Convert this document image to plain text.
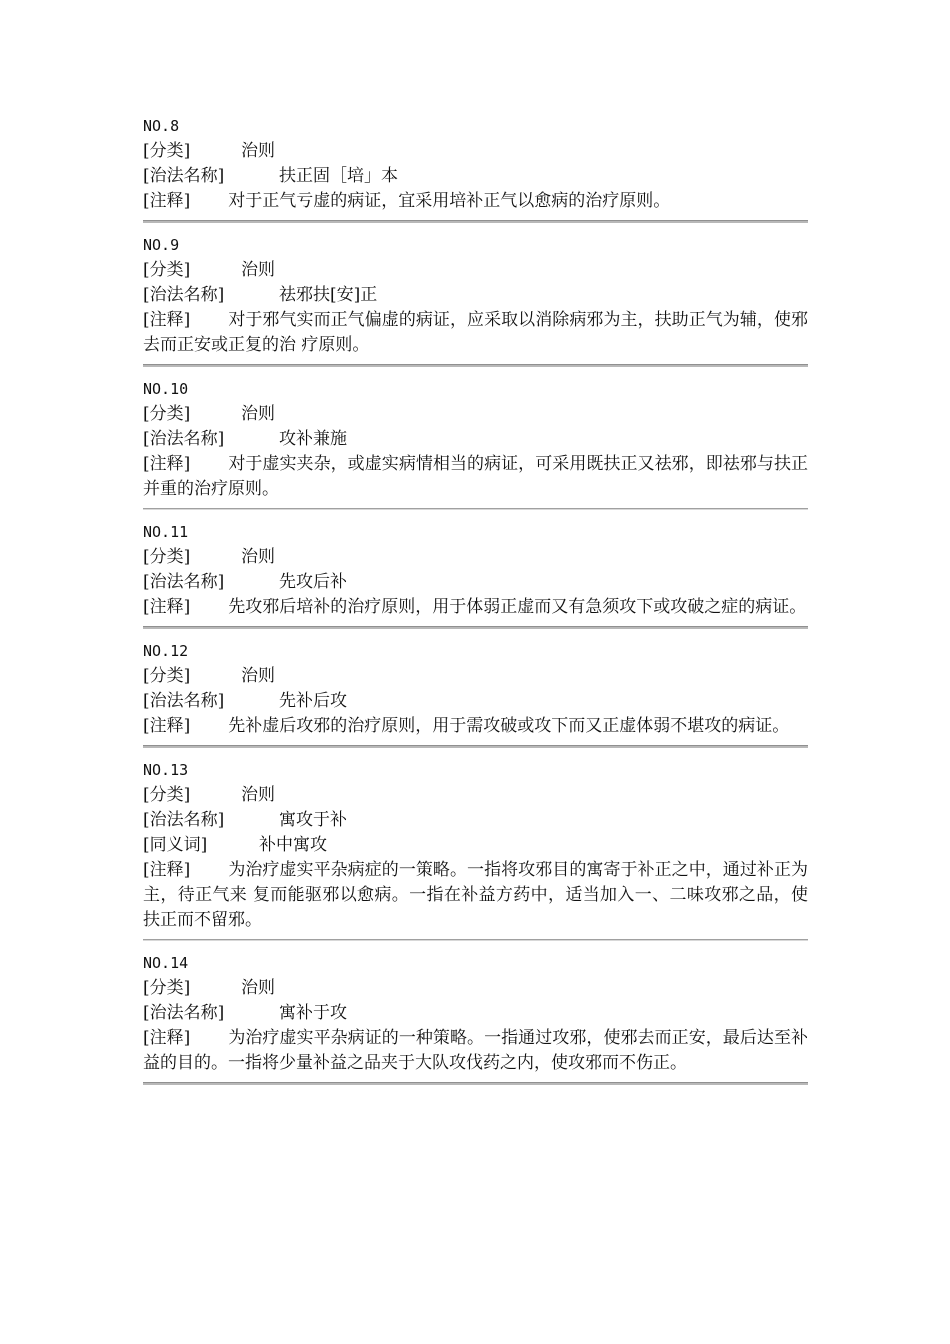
NO.8
[分类]	治则
[治法名称]	扶正固［培」本
[注释] 对于正气亏虚的病证，宜采用培补正气以愈病的治疗原则。
NO.9
[分类]	治则
[治法名称]	祛邪扶[安]正
[注释] 对于邪气实而正气偏虚的病证，应采取以消除病邪为主，扶助正气为辅，使邪去而正安或正复的治 疗原则。
NO.10
[分类]	治则
[治法名称]	攻补兼施
[注释] 对于虚实夹杂，或虚实病情相当的病证，可采用既扶正又祛邪，即祛邪与扶正并重的治疗原则。
NO.11
[分类]	治则
[治法名称]	先攻后补
[注释] 先攻邪后培补的治疗原则，用于体弱正虚而又有急须攻下或攻破之症的病证。
NO.12
[分类]	治则
[治法名称]	先补后攻
[注释] 先补虚后攻邪的治疗原则，用于需攻破或攻下而又正虚体弱不堪攻的病证。
NO.13
[分类]	治则
[治法名称]	寓攻于补
[同义词]	补中寓攻
[注释] 为治疗虚实平杂病症的一策略。一指将攻邪目的寓寄于补正之中，通过补正为主，待正气来 复而能驱邪以愈病。一指在补益方药中，适当加入一、二味攻邪之品，使扶正而不留邪。
NO.14
[分类]	治则
[治法名称]	寓补于攻
[注释] 为治疗虚实平杂病证的一种策略。一指通过攻邪，使邪去而正安，最后达至补益的目的。一指将少量补益之品夹于大队攻伐药之内，使攻邪而不伤正。
